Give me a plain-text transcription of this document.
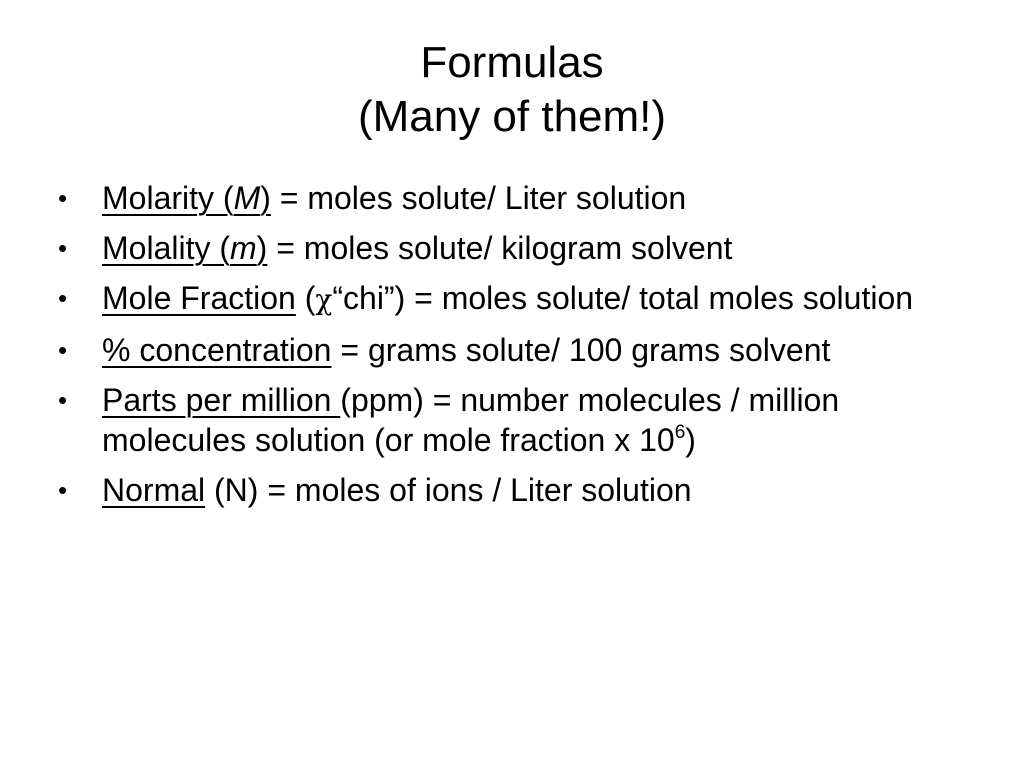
Formulas
(Many of them!)
• Molarity (M) = moles solute/ Liter solution
• Molality (m) = moles solute/ kilogram solvent
• Mole Fraction (χ“chi”) = moles solute/ total moles solution
• % concentration = grams solute/ 100 grams solvent
• Parts per million (ppm) = number molecules / million molecules solution (or mole fraction x $10^6$)
• Normal (N) = moles of ions / Liter solution
